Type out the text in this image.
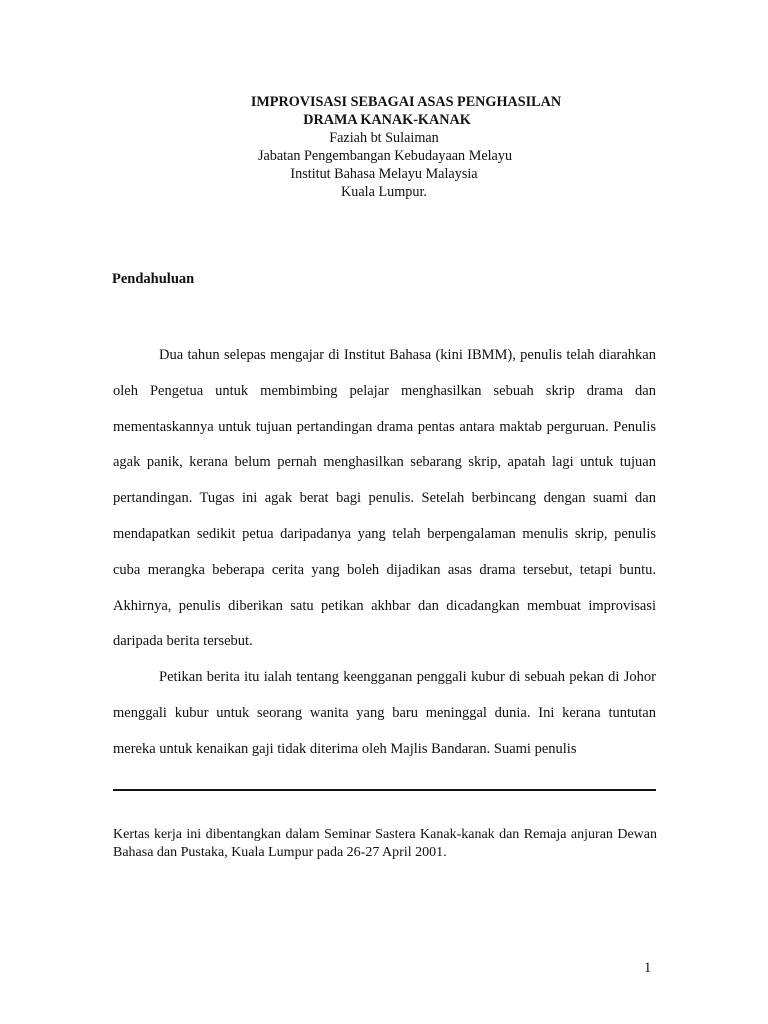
IMPROVISASI SEBAGAI ASAS PENGHASILAN
DRAMA KANAK-KANAK
Faziah bt Sulaiman
Jabatan Pengembangan Kebudayaan Melayu
Institut Bahasa Melayu Malaysia
Kuala Lumpur.
Pendahuluan

Dua tahun selepas mengajar di Institut Bahasa (kini IBMM), penulis telah diarahkan oleh Pengetua untuk membimbing pelajar menghasilkan sebuah skrip drama dan mementaskannya untuk tujuan pertandingan drama pentas antara maktab perguruan. Penulis agak panik, kerana belum pernah menghasilkan sebarang skrip, apatah lagi untuk tujuan pertandingan. Tugas ini agak berat bagi penulis. Setelah berbincang dengan suami dan mendapatkan sedikit petua daripadanya yang telah berpengalaman menulis skrip, penulis cuba merangka beberapa cerita yang boleh dijadikan asas drama tersebut, tetapi buntu. Akhirnya, penulis diberikan satu petikan akhbar dan dicadangkan membuat improvisasi daripada berita tersebut.

Petikan berita itu ialah tentang keengganan penggali kubur di sebuah pekan di Johor menggali kubur untuk seorang wanita yang baru meninggal dunia. Ini kerana tuntutan mereka untuk kenaikan gaji tidak diterima oleh Majlis Bandaran. Suami penulis

Kertas kerja ini dibentangkan dalam Seminar Sastera Kanak-kanak dan Remaja anjuran Dewan Bahasa dan Pustaka, Kuala Lumpur pada 26-27 April 2001.
1
